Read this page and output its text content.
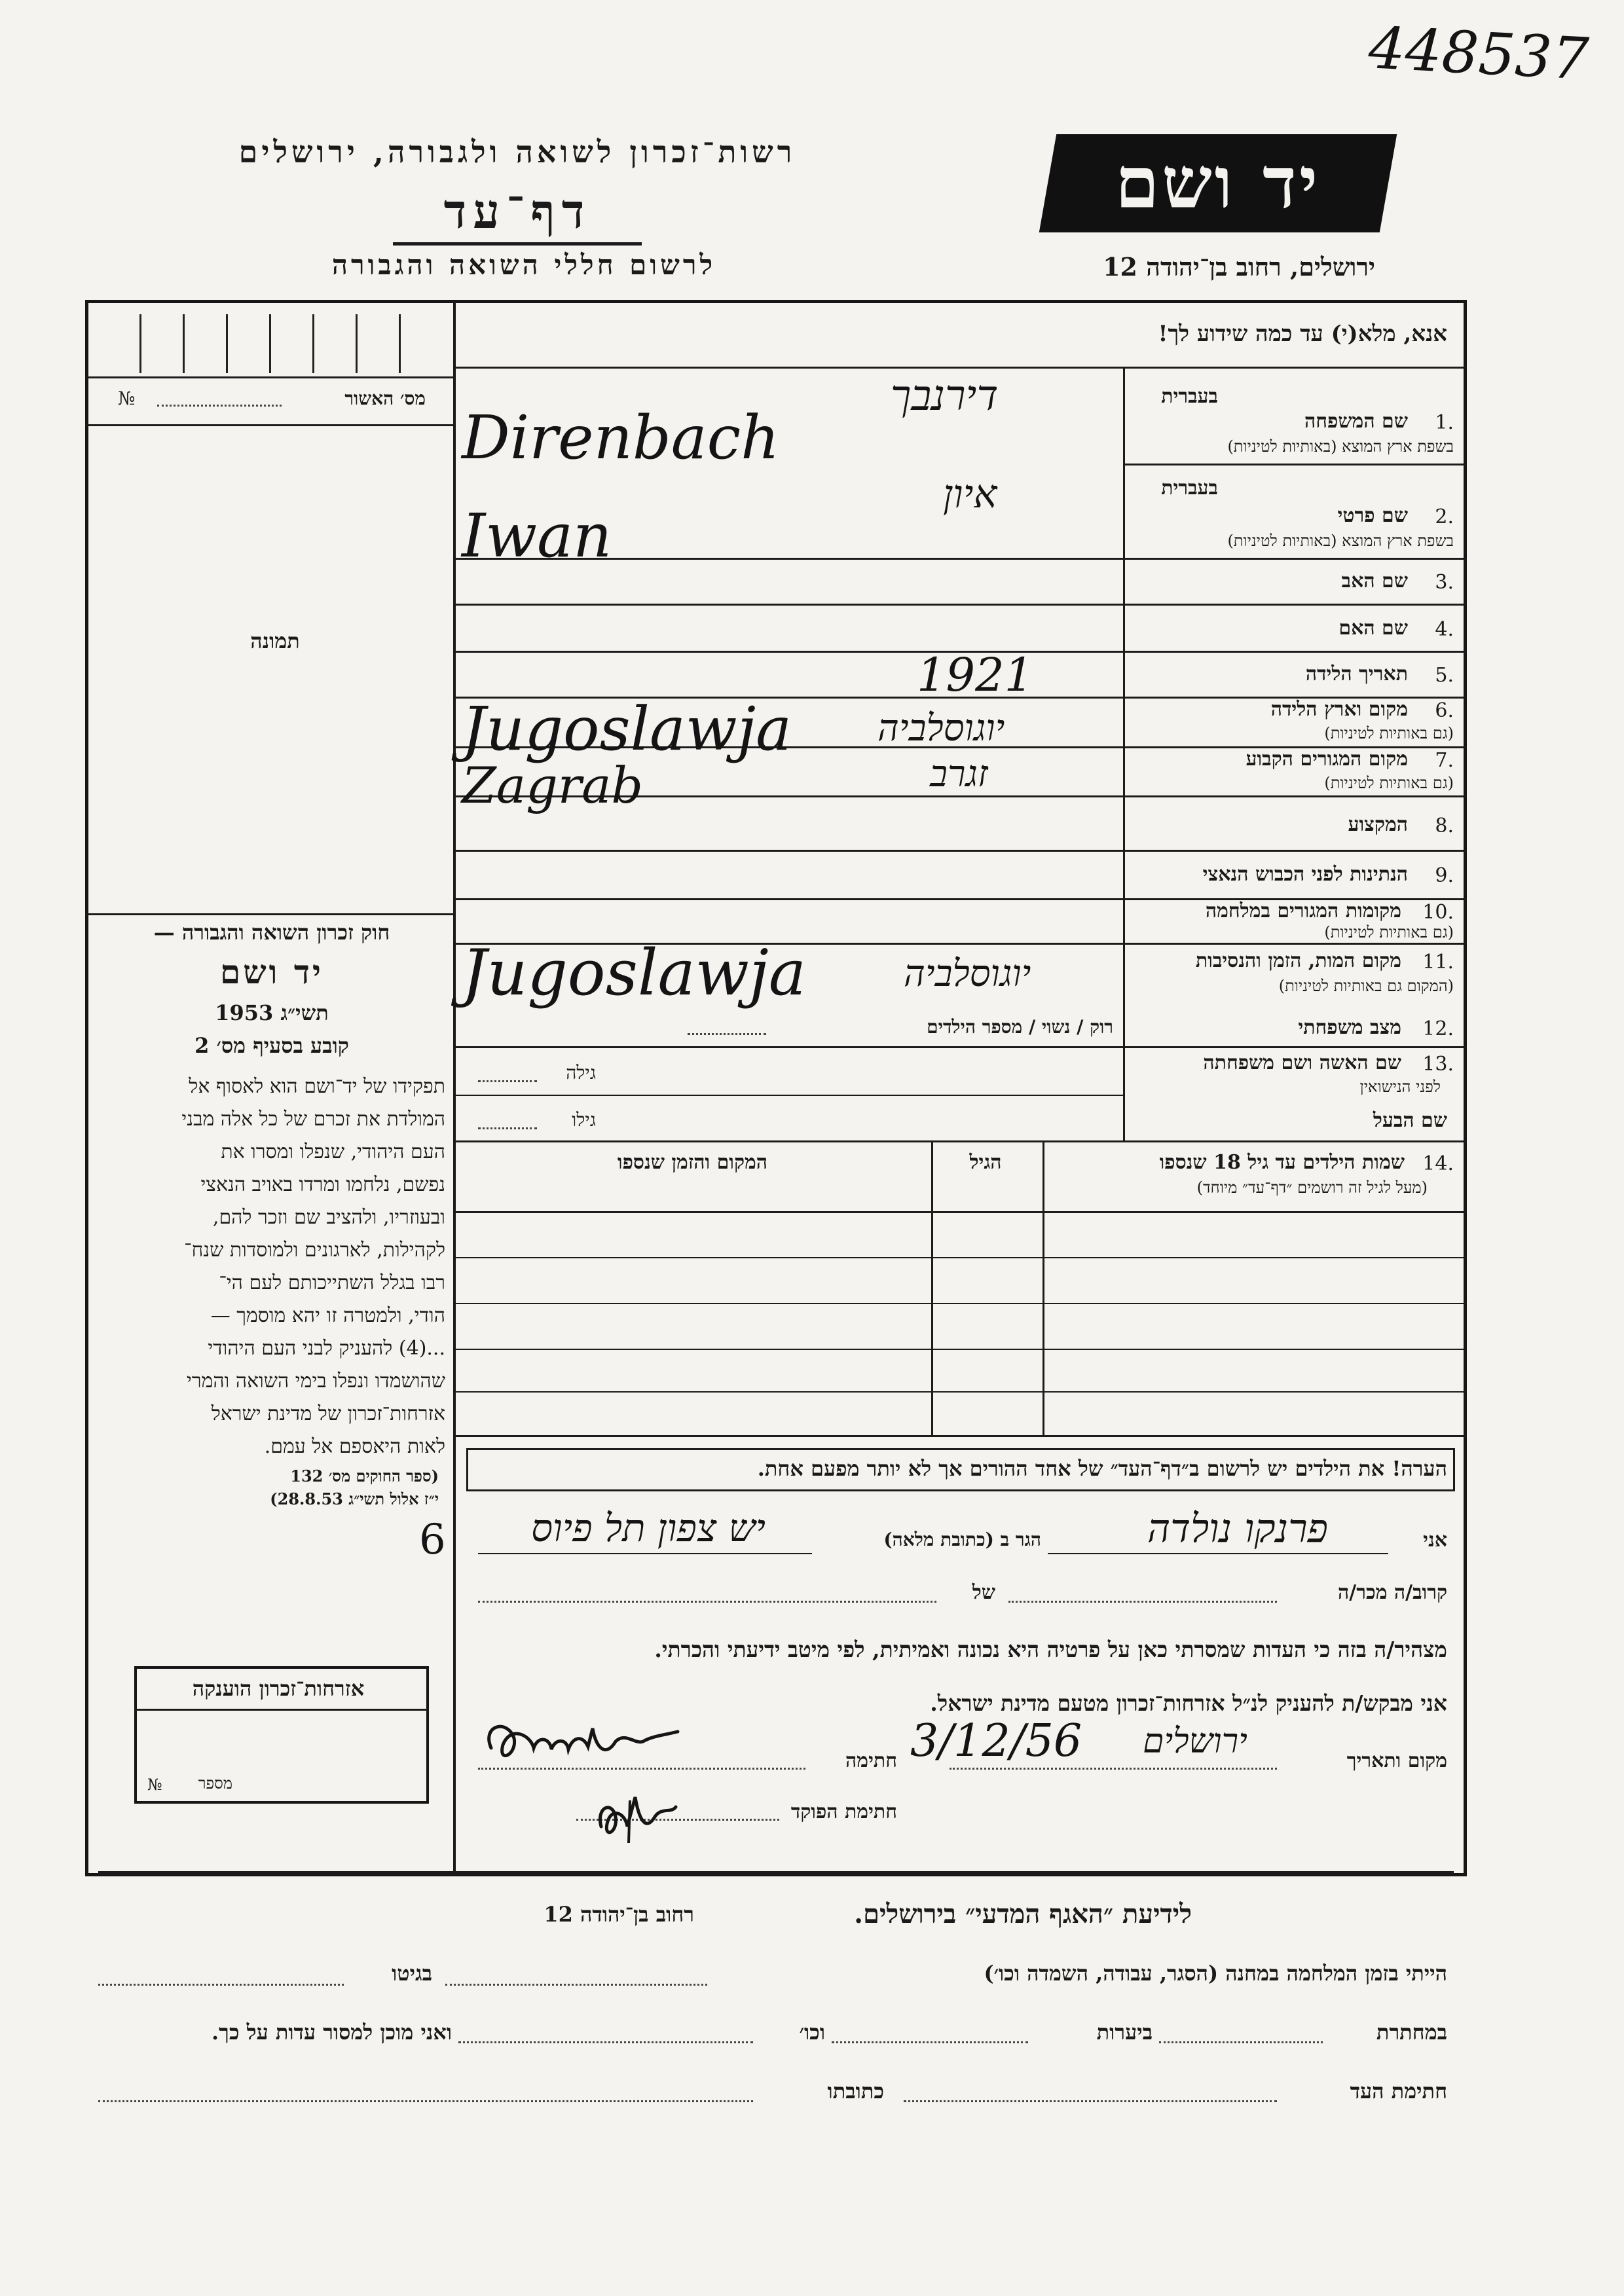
448537
רשות־זכרון לשואה ולגבורה, ירושלים
דף־עד
לרשום חללי השואה והגבורה
יד ושם
ירושלים, רחוב בן־יהודה 12
מס׳ האשור
№
תמונה
חוק זכרון השואה והגבורה —
יד ושם
תשי״ג 1953
קובע בסעיף מס׳ 2
תפקידו של יד־ושם הוא לאסוף אל
המולדת את זכרם של כל אלה מבני
העם היהודי, שנפלו ומסרו את
נפשם, נלחמו ומרדו באויב הנאצי
ובעוזריו, ולהציב שם וזכר להם,
לקהילות, לארגונים ולמוסדות שנח־
רבו בגלל השתייכותם לעם הי־
הודי, ולמטרה זו יהא מוסמך —
...(4) להעניק לבני העם היהודי
שהושמדו ונפלו בימי השואה והמרי
אזרחות־זכרון של מדינת ישראל
לאות היאספם אל עמם.
(ספר החוקים מס׳ 132
י״ז אלול תשי״ג 28.8.53)
אזרחות־זכרון הוענקה
מספר
№
אנא, מלא(י) עד כמה שידוע לך!
בעברית
1.
שם המשפחה
בשפת ארץ המוצא (באותיות לטיניות)
דירנבך
Direnbach
בעברית
2.
שם פרטי
בשפת ארץ המוצא (באותיות לטיניות)
איון
Iwan
3.
שם האב
4.
שם האם
5.
תאריך הלידה
1921
6.
מקום וארץ הלידה
(גם באותיות לטיניות)
יוגוסלביה
Jugoslawja	7.
מקום המגורים הקבוע
(גם באותיות לטיניות)
זגרב
Zagrab
8.
המקצוע
9.
הנתינות לפני הכבוש הנאצי
10.
מקומות המגורים במלחמה
(גם באותיות לטיניות)
11.
מקום המות, הזמן והנסיבות
(המקום גם באותיות לטיניות)
יוגוסלביה
Jugoslawja
12.
מצב משפחתי
רוק / נשוי / מספר הילדים
13.
שם האשה ושם משפחתה
לפני הנישואין
גילה
שם הבעל
גילו
14.
שמות הילדים עד גיל 18 שנספו
(מעל לגיל זה רושמים ״דף־עד״ מיוחד)
הגיל
המקום והזמן שנספו
הערה! את הילדים יש לרשום ב״דף־העד״ של אחד ההורים אך לא יותר מפעם אחת.
6	אני
פרנקו נולדה
הגר ב (כתובת מלאה)
יש צפון תל פיוס
קרוב/ה מכר/ה
של
מצהיר/ה בזה כי העדות שמסרתי כאן על פרטיה היא נכונה ואמיתית, לפי מיטב ידיעתי והכרתי.
אני מבקש/ת להעניק לנ״ל אזרחות־זכרון מטעם מדינת ישראל.
מקום ותאריך
ירושלים
3/12/56
חתימה
חתימת הפוקד
לידיעת ״האגף המדעי״ בירושלים.
רחוב בן־יהודה 12
הייתי בזמן המלחמה במחנה (הסגר, עבודה, השמדה וכו׳)
בגיטו
במחתרת
ביערות
וכו׳
ואני מוכן למסור עדות על כך.
חתימת העד
כתובתו
